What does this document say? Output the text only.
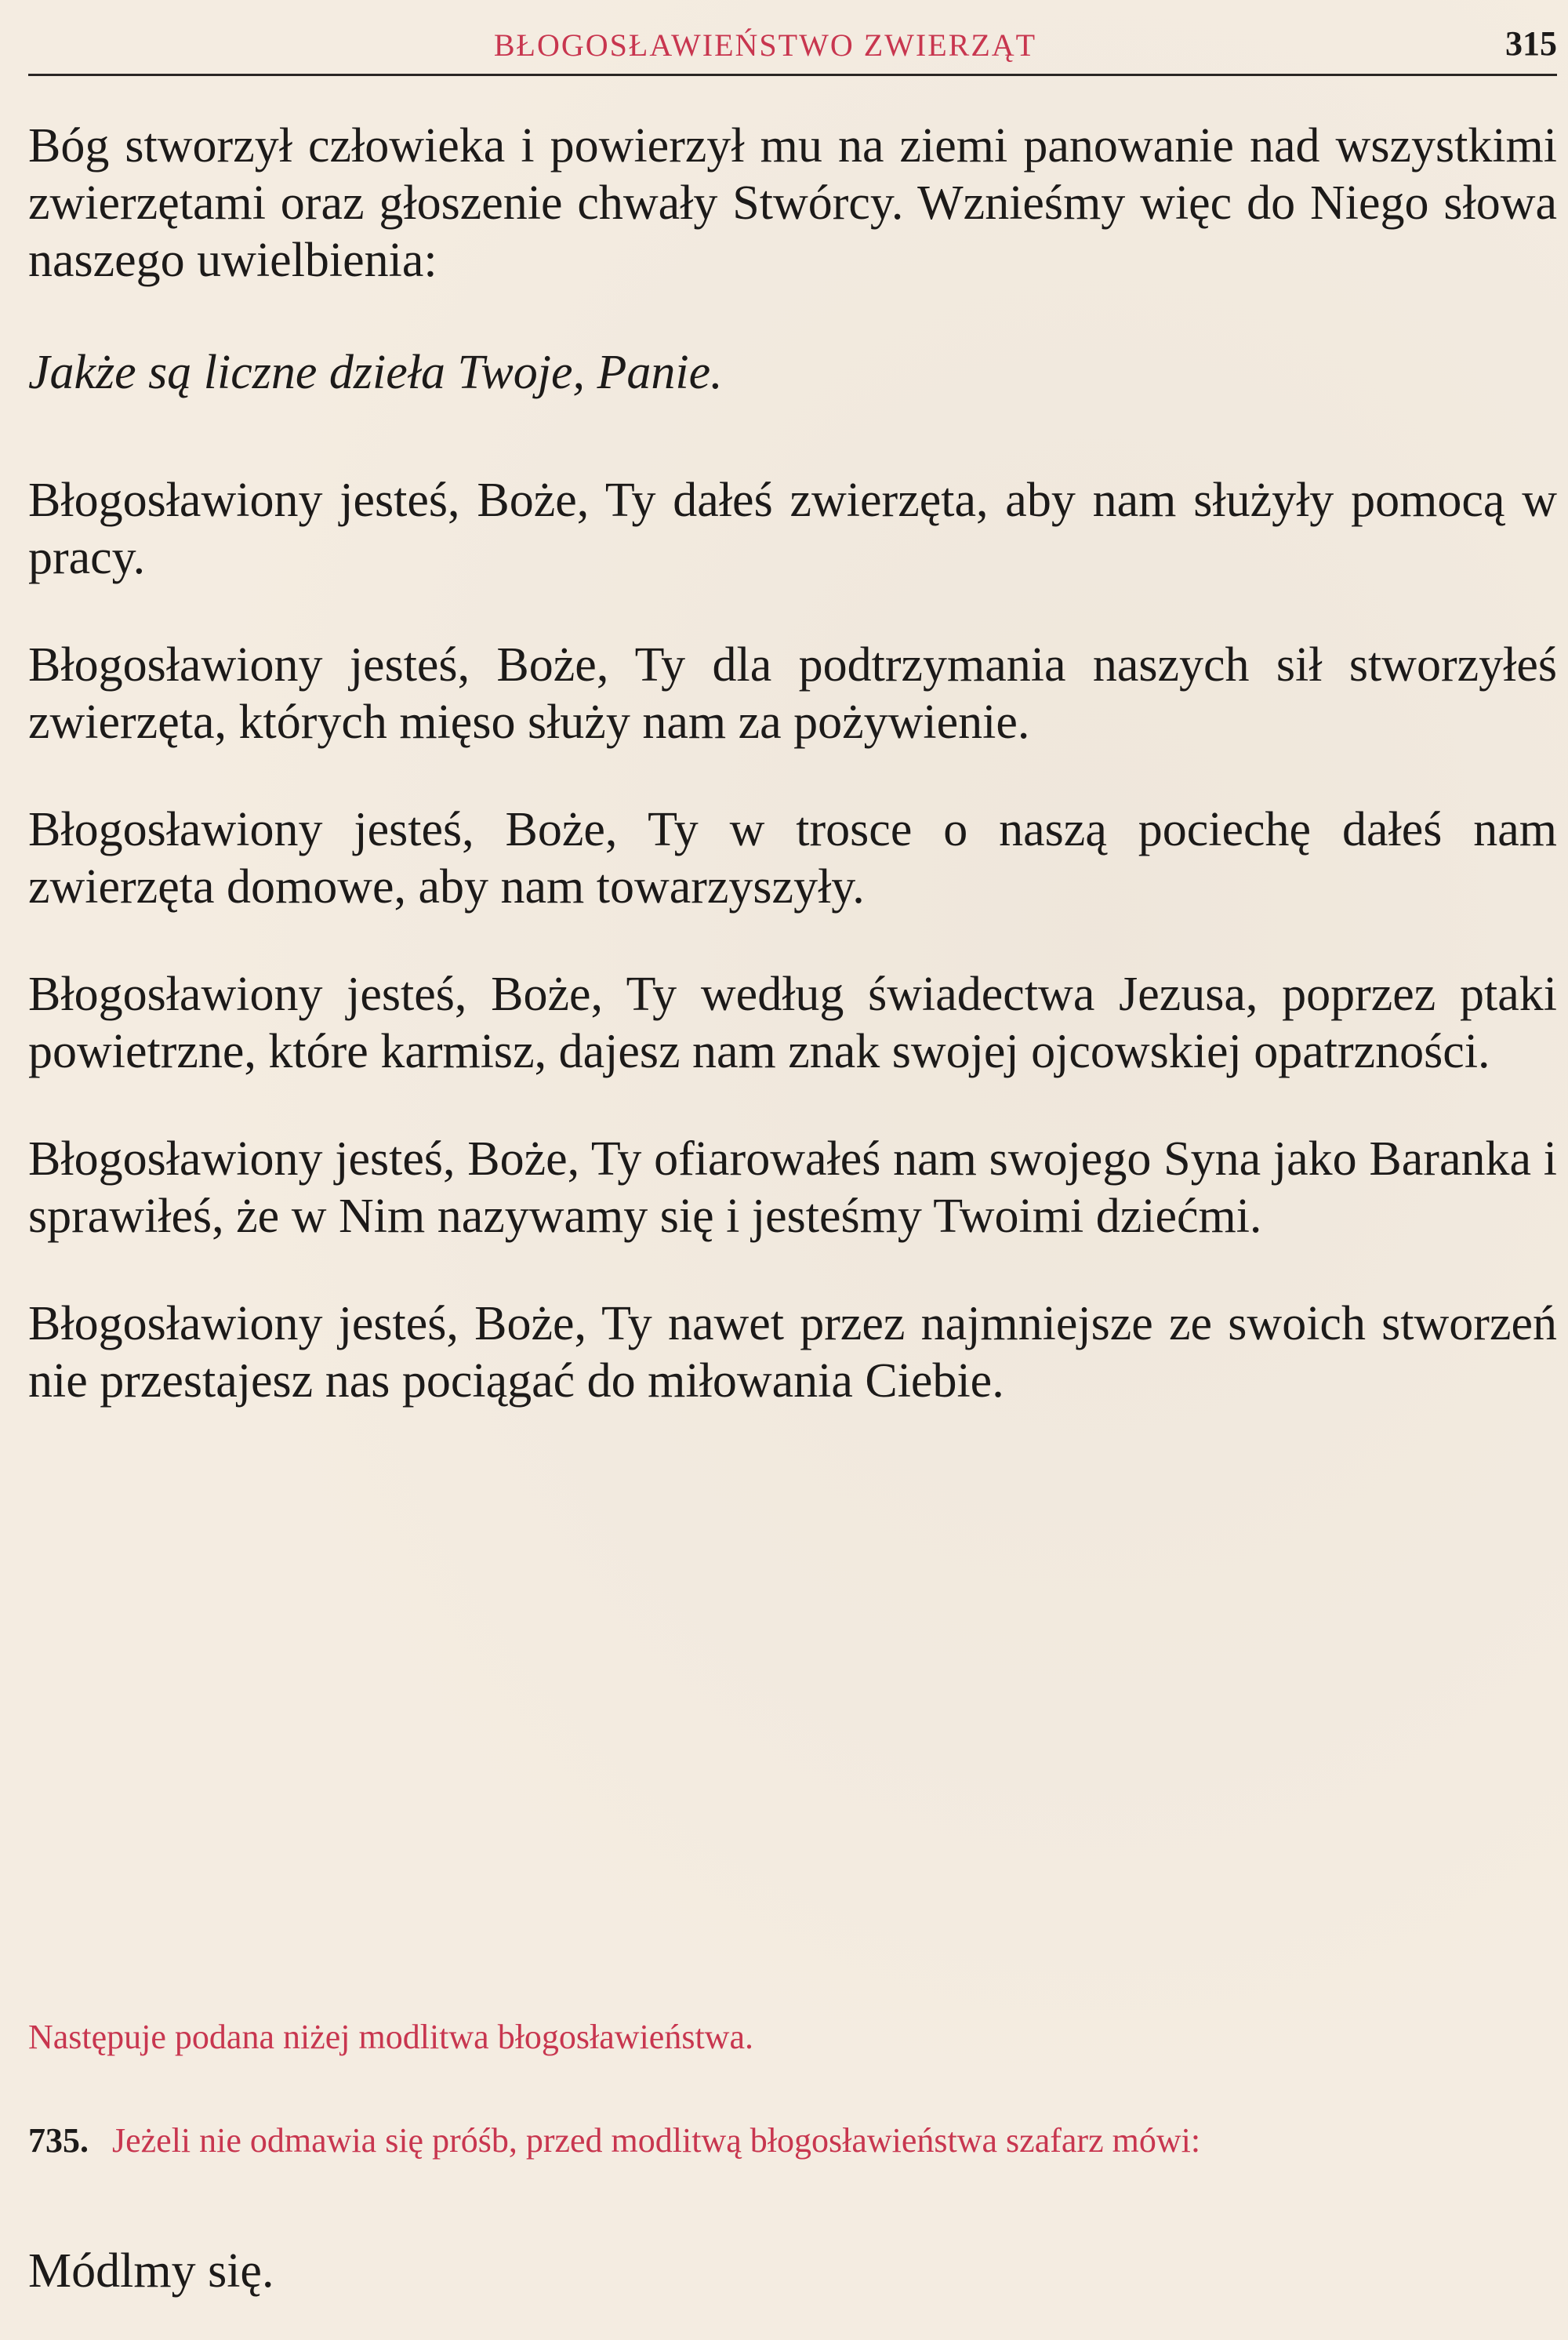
BŁOGOSŁAWIEŃSTWO ZWIERZĄT	315

Bóg stworzył człowieka i powierzył mu na ziemi panowanie nad wszystkimi zwierzętami oraz głoszenie chwały Stwórcy. Wznieśmy więc do Niego słowa naszego uwielbienia:

Jakże są liczne dzieła Twoje, Panie.

Błogosławiony jesteś, Boże, Ty dałeś zwierzęta, aby nam służyły pomocą w pracy.

Błogosławiony jesteś, Boże, Ty dla podtrzymania naszych sił stworzyłeś zwierzęta, których mięso służy nam za pożywienie.

Błogosławiony jesteś, Boże, Ty w trosce o naszą pociechę dałeś nam zwierzęta domowe, aby nam towarzyszyły.

Błogosławiony jesteś, Boże, Ty według świadectwa Jezusa, poprzez ptaki powietrzne, które karmisz, dajesz nam znak swojej ojcowskiej opatrzności.

Błogosławiony jesteś, Boże, Ty ofiarowałeś nam swojego Syna jako Baranka i sprawiłeś, że w Nim nazywamy się i jesteśmy Twoimi dziećmi.

Błogosławiony jesteś, Boże, Ty nawet przez najmniejsze ze swoich stworzeń nie przestajesz nas pociągać do miłowania Ciebie.

Następuje podana niżej modlitwa błogosławieństwa.
735. Jeżeli nie odmawia się próśb, przed modlitwą błogosławieństwa szafarz mówi:
Módlmy się.
